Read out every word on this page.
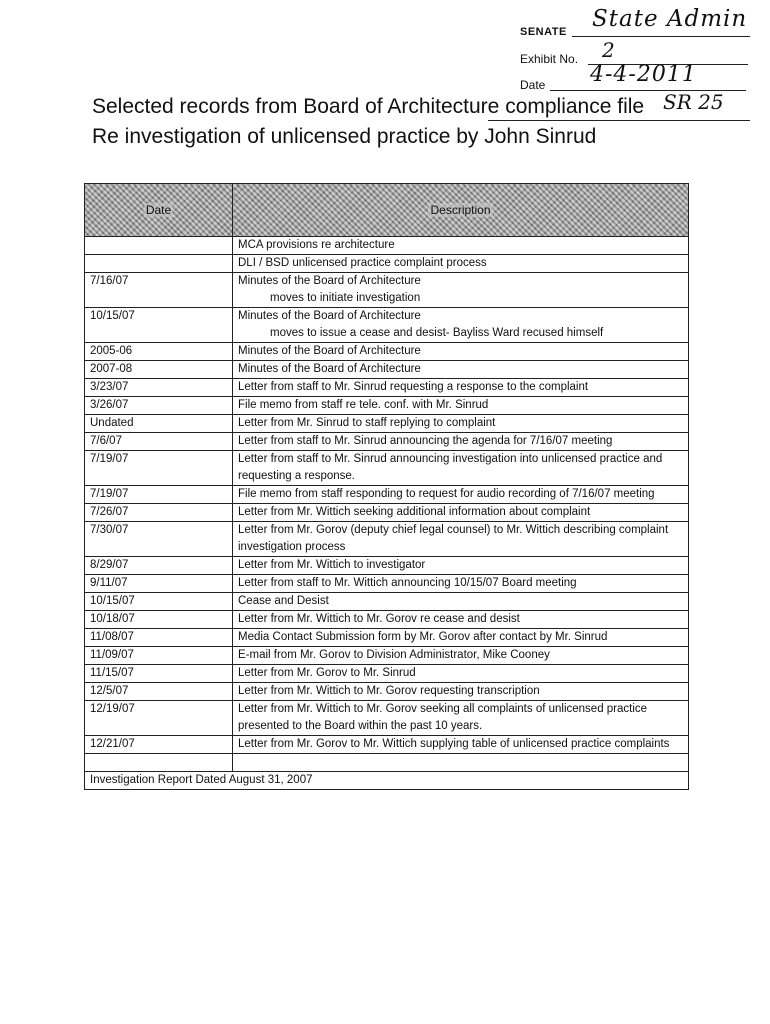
SENATE	State Admin
Exhibit No.	2
Date	4-4-2011
Selected records from Board of Architecture compliance file
Re investigation of unlicensed practice by John Sinrud
SR 25
Date	Description
	MCA provisions re architecture
	DLI / BSD unlicensed practice complaint process
7/16/07	Minutes of the Board of Architecture
moves to initiate investigation

10/15/07	Minutes of the Board of Architecture
moves to issue a cease and desist- Bayliss Ward recused himself

2005-06	Minutes of the Board of Architecture
2007-08	Minutes of the Board of Architecture
3/23/07	Letter from staff to Mr. Sinrud requesting a response to the complaint
3/26/07	File memo from staff re tele. conf. with Mr. Sinrud
Undated	Letter from Mr. Sinrud to staff replying to complaint
7/6/07	Letter from staff to Mr. Sinrud announcing the agenda for 7/16/07 meeting
7/19/07	Letter from staff to Mr. Sinrud announcing investigation into unlicensed practice and requesting a response.
7/19/07	File memo from staff responding to request for audio recording of 7/16/07 meeting
7/26/07	Letter from Mr. Wittich seeking additional information about complaint
7/30/07	Letter from Mr. Gorov (deputy chief legal counsel) to Mr. Wittich describing complaint investigation process
8/29/07	Letter from Mr. Wittich to investigator
9/11/07	Letter from staff to Mr. Wittich announcing 10/15/07 Board meeting
10/15/07	Cease and Desist
10/18/07	Letter from Mr. Wittich to Mr. Gorov re cease and desist
11/08/07	Media Contact Submission form by Mr. Gorov after contact by Mr. Sinrud
11/09/07	E-mail from Mr. Gorov to Division Administrator, Mike Cooney
11/15/07	Letter from Mr. Gorov to Mr. Sinrud
12/5/07	Letter from Mr. Wittich to Mr. Gorov requesting transcription
12/19/07	Letter from Mr. Wittich to Mr. Gorov seeking all complaints of unlicensed practice presented to the Board within the past 10 years.
12/21/07	Letter from Mr. Gorov to Mr. Wittich supplying table of unlicensed practice complaints

Investigation Report Dated August 31, 2007	
